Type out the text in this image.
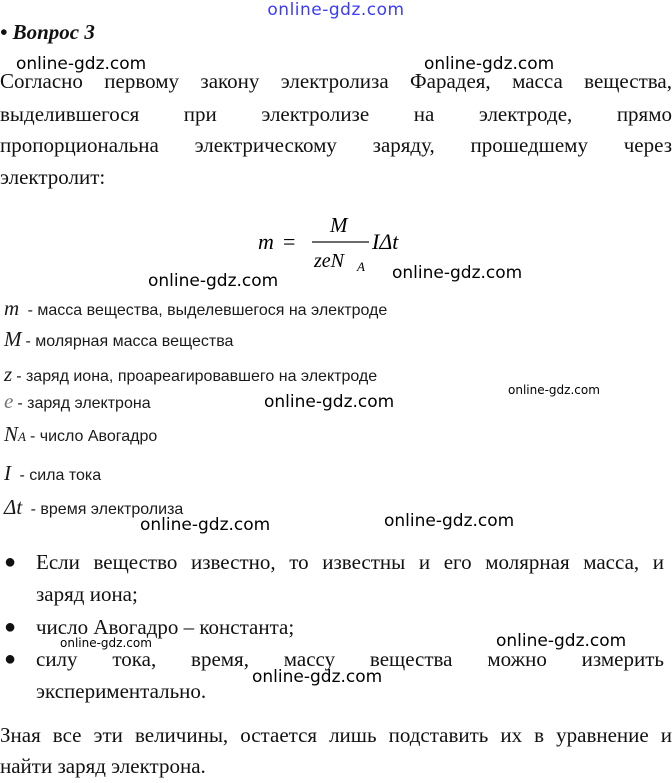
online-gdz.com
• Вопрос 3
Согласно первому закону электролиза Фарадея, масса вещества,
выделившегося при электролизе на электроде, прямо
пропорциональна электрическому заряду, прошедшему через
электролит:
m =
M
zeN A
IΔt
m - масса вещества, выделевшегося на электроде
M - молярная масса вещества
z - заряд иона, проареагировавшего на электроде
e - заряд электрона
NA - число Авогадро
I - сила тока
Δt - время электролиза
● Если вещество известно, то известны и его молярная масса, и
заряд иона;
● число Авогадро – константа;
● силу тока, время, массу вещества можно измерить
экспериментально.
Зная все эти величины, остается лишь подставить их в уравнение и
найти заряд электрона.
online-gdz.com	online-gdz.com
online-gdz.com	online-gdz.com
online-gdz.com
online-gdz.com
online-gdz.com	online-gdz.com
online-gdz.com	online-gdz.com
online-gdz.com
